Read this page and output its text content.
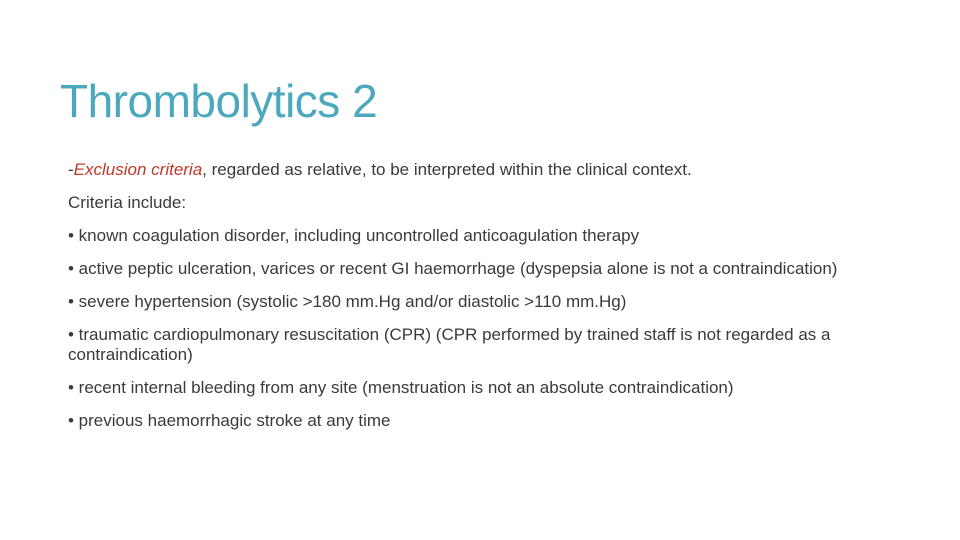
Thrombolytics 2

-Exclusion criteria, regarded as relative, to be interpreted within the clinical context.

Criteria include:

• known coagulation disorder, including uncontrolled anticoagulation therapy

• active peptic ulceration, varices or recent GI haemorrhage (dyspepsia alone is not a contraindication)

• severe hypertension (systolic >180 mm.Hg and/or diastolic >110 mm.Hg)

• traumatic cardiopulmonary resuscitation (CPR) (CPR performed by trained staff is not regarded as a contraindication)

• recent internal bleeding from any site (menstruation is not an absolute contraindication)

• previous haemorrhagic stroke at any time
